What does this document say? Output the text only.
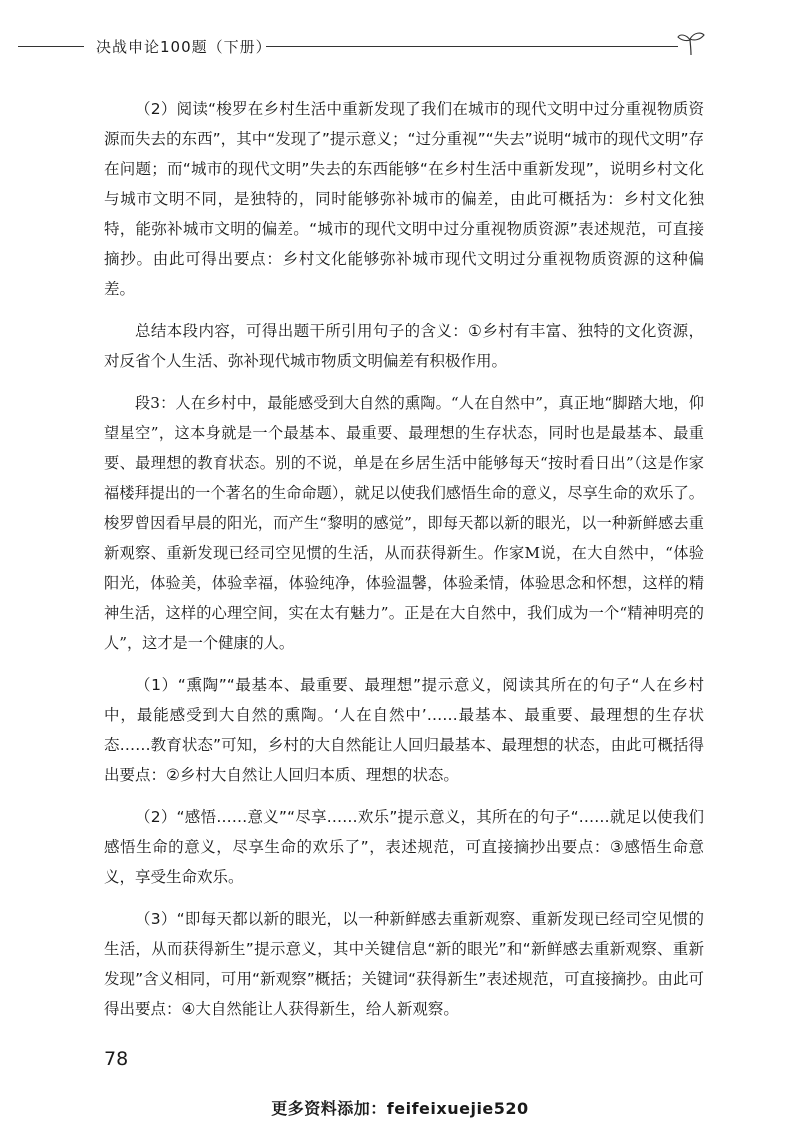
决战申论100题（下册）

（2）阅读“梭罗在乡村生活中重新发现了我们在城市的现代文明中过分重视物质资源而失去的东西”，其中“发现了”提示意义；“过分重视”“失去”说明“城市的现代文明”存在问题；而“城市的现代文明”失去的东西能够“在乡村生活中重新发现”，说明乡村文化与城市文明不同，是独特的，同时能够弥补城市的偏差，由此可概括为：乡村文化独特，能弥补城市文明的偏差。“城市的现代文明中过分重视物质资源”表述规范，可直接摘抄。由此可得出要点：乡村文化能够弥补城市现代文明过分重视物质资源的这种偏差。

总结本段内容，可得出题干所引用句子的含义：①乡村有丰富、独特的文化资源，对反省个人生活、弥补现代城市物质文明偏差有积极作用。

段3：人在乡村中，最能感受到大自然的熏陶。“人在自然中”，真正地“脚踏大地，仰望星空”，这本身就是一个最基本、最重要、最理想的生存状态，同时也是最基本、最重要、最理想的教育状态。别的不说，单是在乡居生活中能够每天“按时看日出”（这是作家福楼拜提出的一个著名的生命命题），就足以使我们感悟生命的意义，尽享生命的欢乐了。梭罗曾因看早晨的阳光，而产生“黎明的感觉”，即每天都以新的眼光，以一种新鲜感去重新观察、重新发现已经司空见惯的生活，从而获得新生。作家M说，在大自然中，“体验阳光，体验美，体验幸福，体验纯净，体验温馨，体验柔情，体验思念和怀想，这样的精神生活，这样的心理空间，实在太有魅力”。正是在大自然中，我们成为一个“精神明亮的人”，这才是一个健康的人。

（1）“熏陶”“最基本、最重要、最理想”提示意义，阅读其所在的句子“人在乡村中，最能感受到大自然的熏陶。‘人在自然中’……最基本、最重要、最理想的生存状态……教育状态”可知，乡村的大自然能让人回归最基本、最理想的状态，由此可概括得出要点：②乡村大自然让人回归本质、理想的状态。

（2）“感悟……意义”“尽享……欢乐”提示意义，其所在的句子“……就足以使我们感悟生命的意义，尽享生命的欢乐了”，表述规范，可直接摘抄出要点：③感悟生命意义，享受生命欢乐。

（3）“即每天都以新的眼光，以一种新鲜感去重新观察、重新发现已经司空见惯的生活，从而获得新生”提示意义，其中关键信息“新的眼光”和“新鲜感去重新观察、重新发现”含义相同，可用“新观察”概括；关键词“获得新生”表述规范，可直接摘抄。由此可得出要点：④大自然能让人获得新生，给人新观察。

78
更多资料添加：feifeixuejie520
